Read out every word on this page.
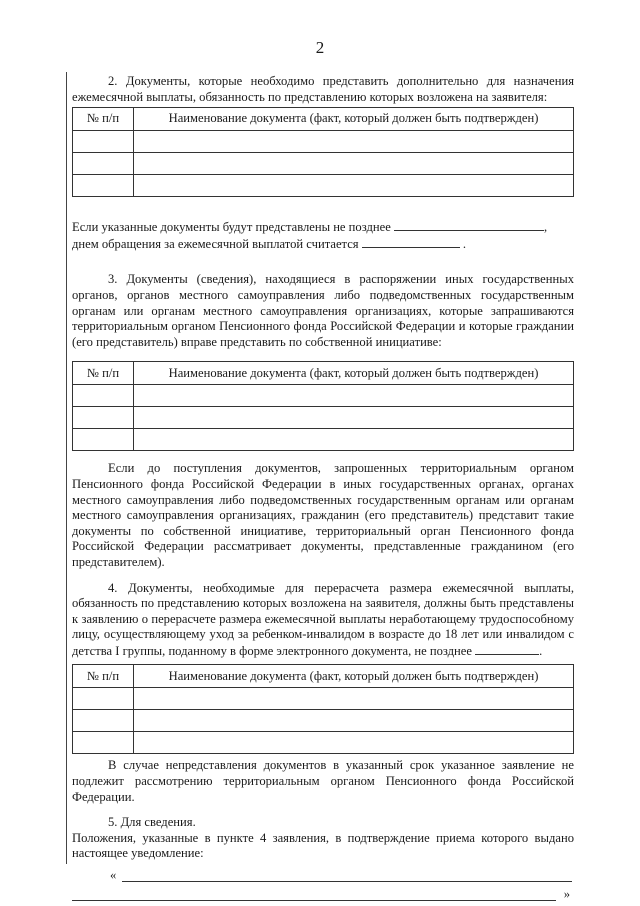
2

2. Документы, которые необходимо представить дополнительно для назначения ежемесячной выплаты, обязанность по представлению которых возложена на заявителя:

№ п/п	Наименование документа (факт, который должен быть подтвержден)

Если указанные документы будут представлены не позднее	,

днем обращения за ежемесячной выплатой считается	.

3. Документы (сведения), находящиеся в распоряжении иных государственных органов, органов местного самоуправления либо подведомственных государственным органам или органам местного самоуправления организациях, которые запрашиваются территориальным органом Пенсионного фонда Российской Федерации и которые граждании (его представитель) вправе представить по собственной инициативе:

№ п/п	Наименование документа (факт, который должен быть подтвержден)

Если до поступления документов, запрошенных территориальным органом Пенсионного фонда Российской Федерации в иных государственных органах, органах местного самоуправления либо подведомственных государственным органам или органам местного самоуправления организациях, гражданин (его представитель) представит такие документы по собственной инициативе, территориальный орган Пенсионного фонда Российской Федерации рассматривает документы, представленные гражданином (его представителем).

4. Документы, необходимые для перерасчета размера ежемесячной выплаты, обязанность по представлению которых возложена на заявителя, должны быть представлены к заявлению о перерасчете размера ежемесячной выплаты неработающему трудоспособному лицу, осуществляющему уход за ребенком-инвалидом в возрасте до 18 лет или инвалидом с детства I группы, поданному в форме электронного документа, не позднее	.

№ п/п	Наименование документа (факт, который должен быть подтвержден)

В случае непредставления документов в указанный срок указанное заявление не подлежит рассмотрению территориальным органом Пенсионного фонда Российской Федерации.

5. Для сведения.

Положения, указанные в пункте 4 заявления, в подтверждение приема которого выдано настоящее уведомление:

«
»
